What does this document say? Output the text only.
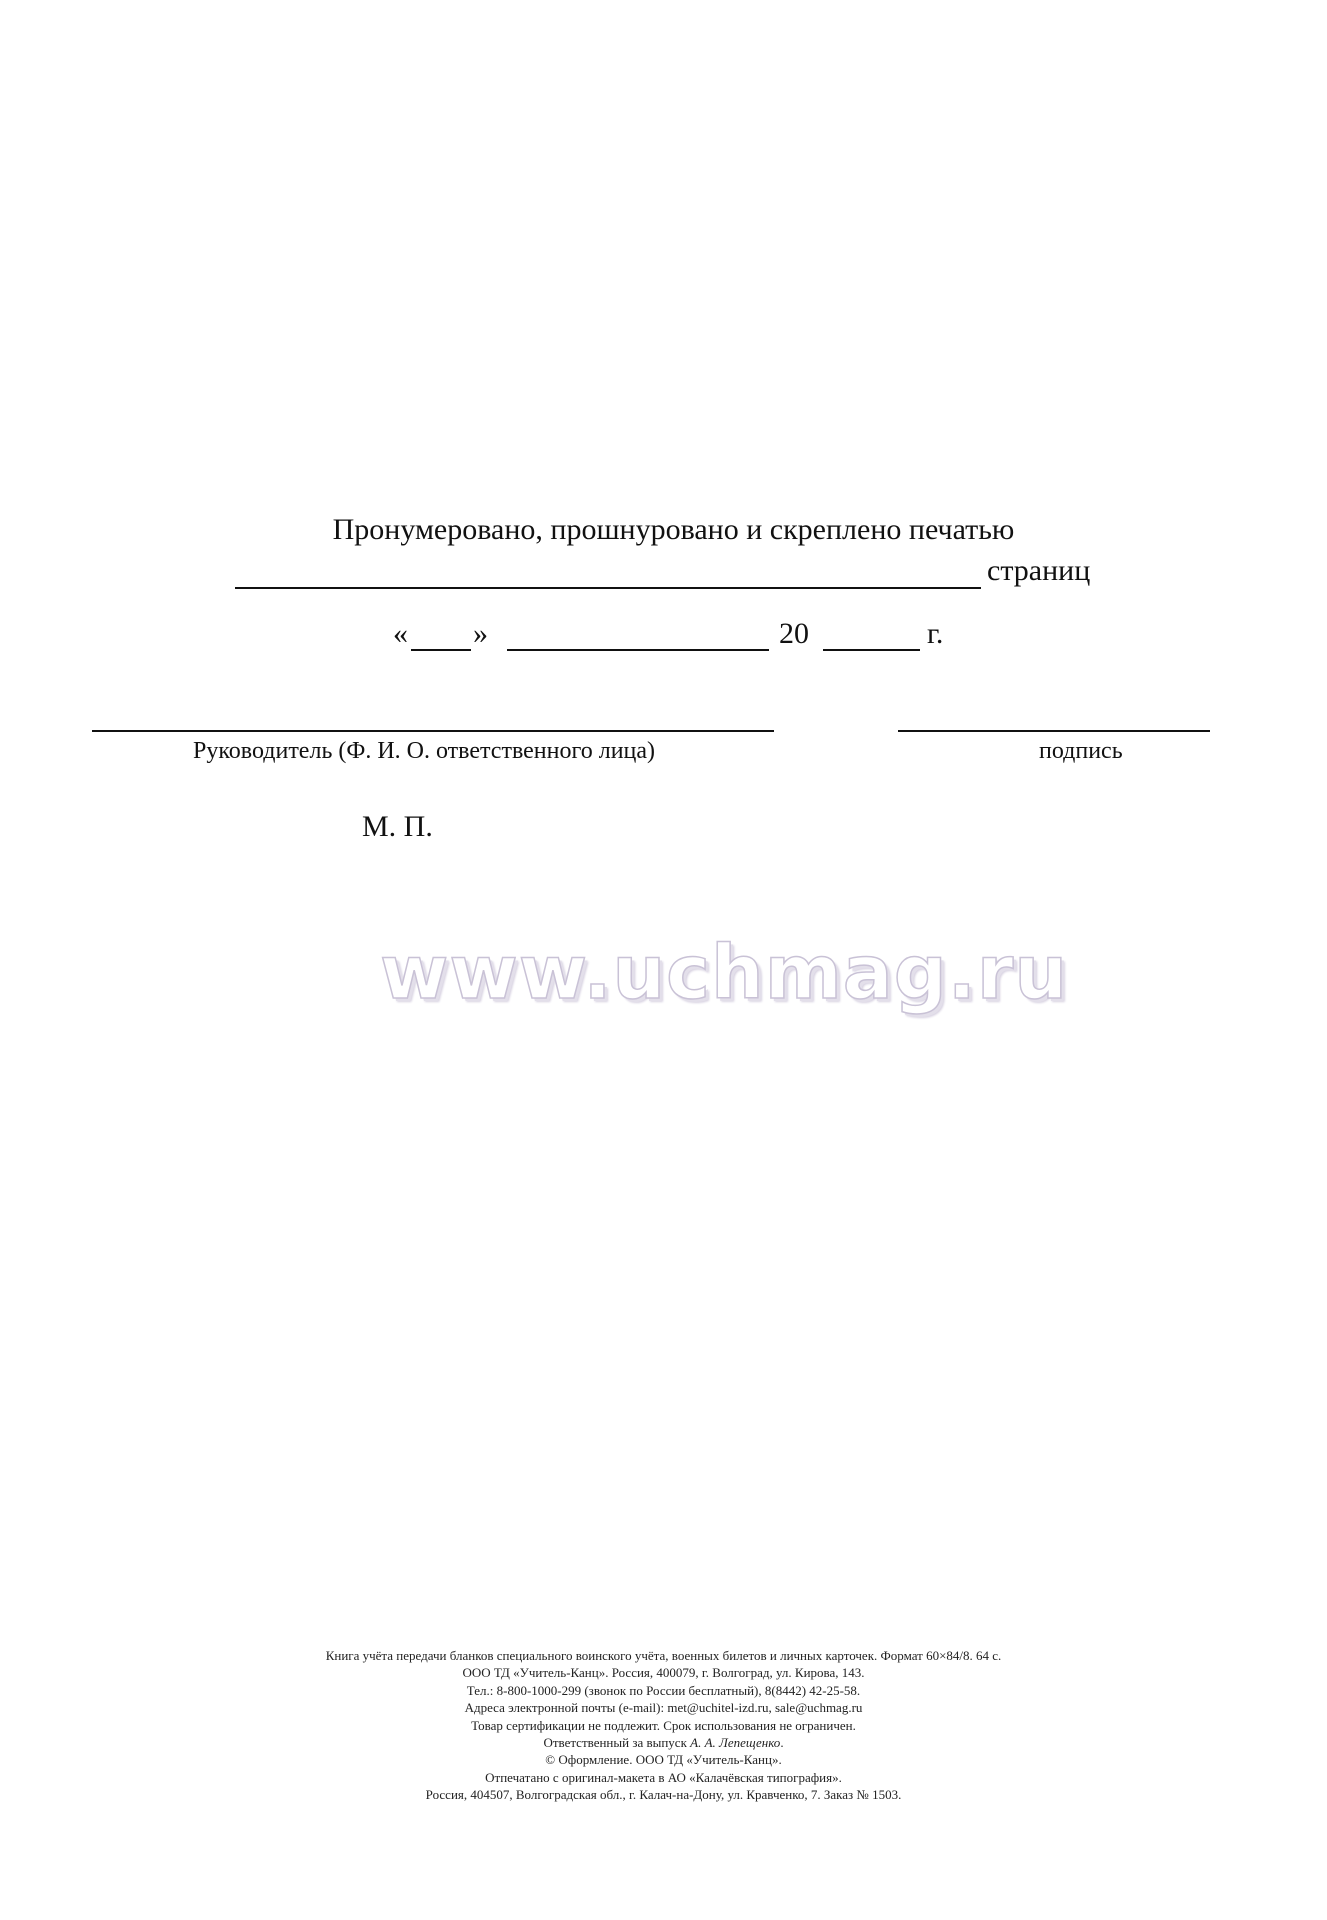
Пронумеровано, прошнуровано и скреплено печатью
страниц
« »	20	г.
Руководитель (Ф. И. О. ответственного лица)	подпись
М. П.
www.uchmag.ru
Книга учёта передачи бланков специального воинского учёта, военных билетов и личных карточек. Формат 60×84/8. 64 с.
ООО ТД «Учитель-Канц». Россия, 400079, г. Волгоград, ул. Кирова, 143.
Тел.: 8-800-1000-299 (звонок по России бесплатный), 8(8442) 42-25-58.
Адреса электронной почты (e-mail): met@uchitel-izd.ru, sale@uchmag.ru
Товар сертификации не подлежит. Срок использования не ограничен.
Ответственный за выпуск А. А. Лепещенко.
© Оформление. ООО ТД «Учитель-Канц».
Отпечатано с оригинал-макета в АО «Калачёвская типография».
Россия, 404507, Волгоградская обл., г. Калач-на-Дону, ул. Кравченко, 7. Заказ № 1503.
